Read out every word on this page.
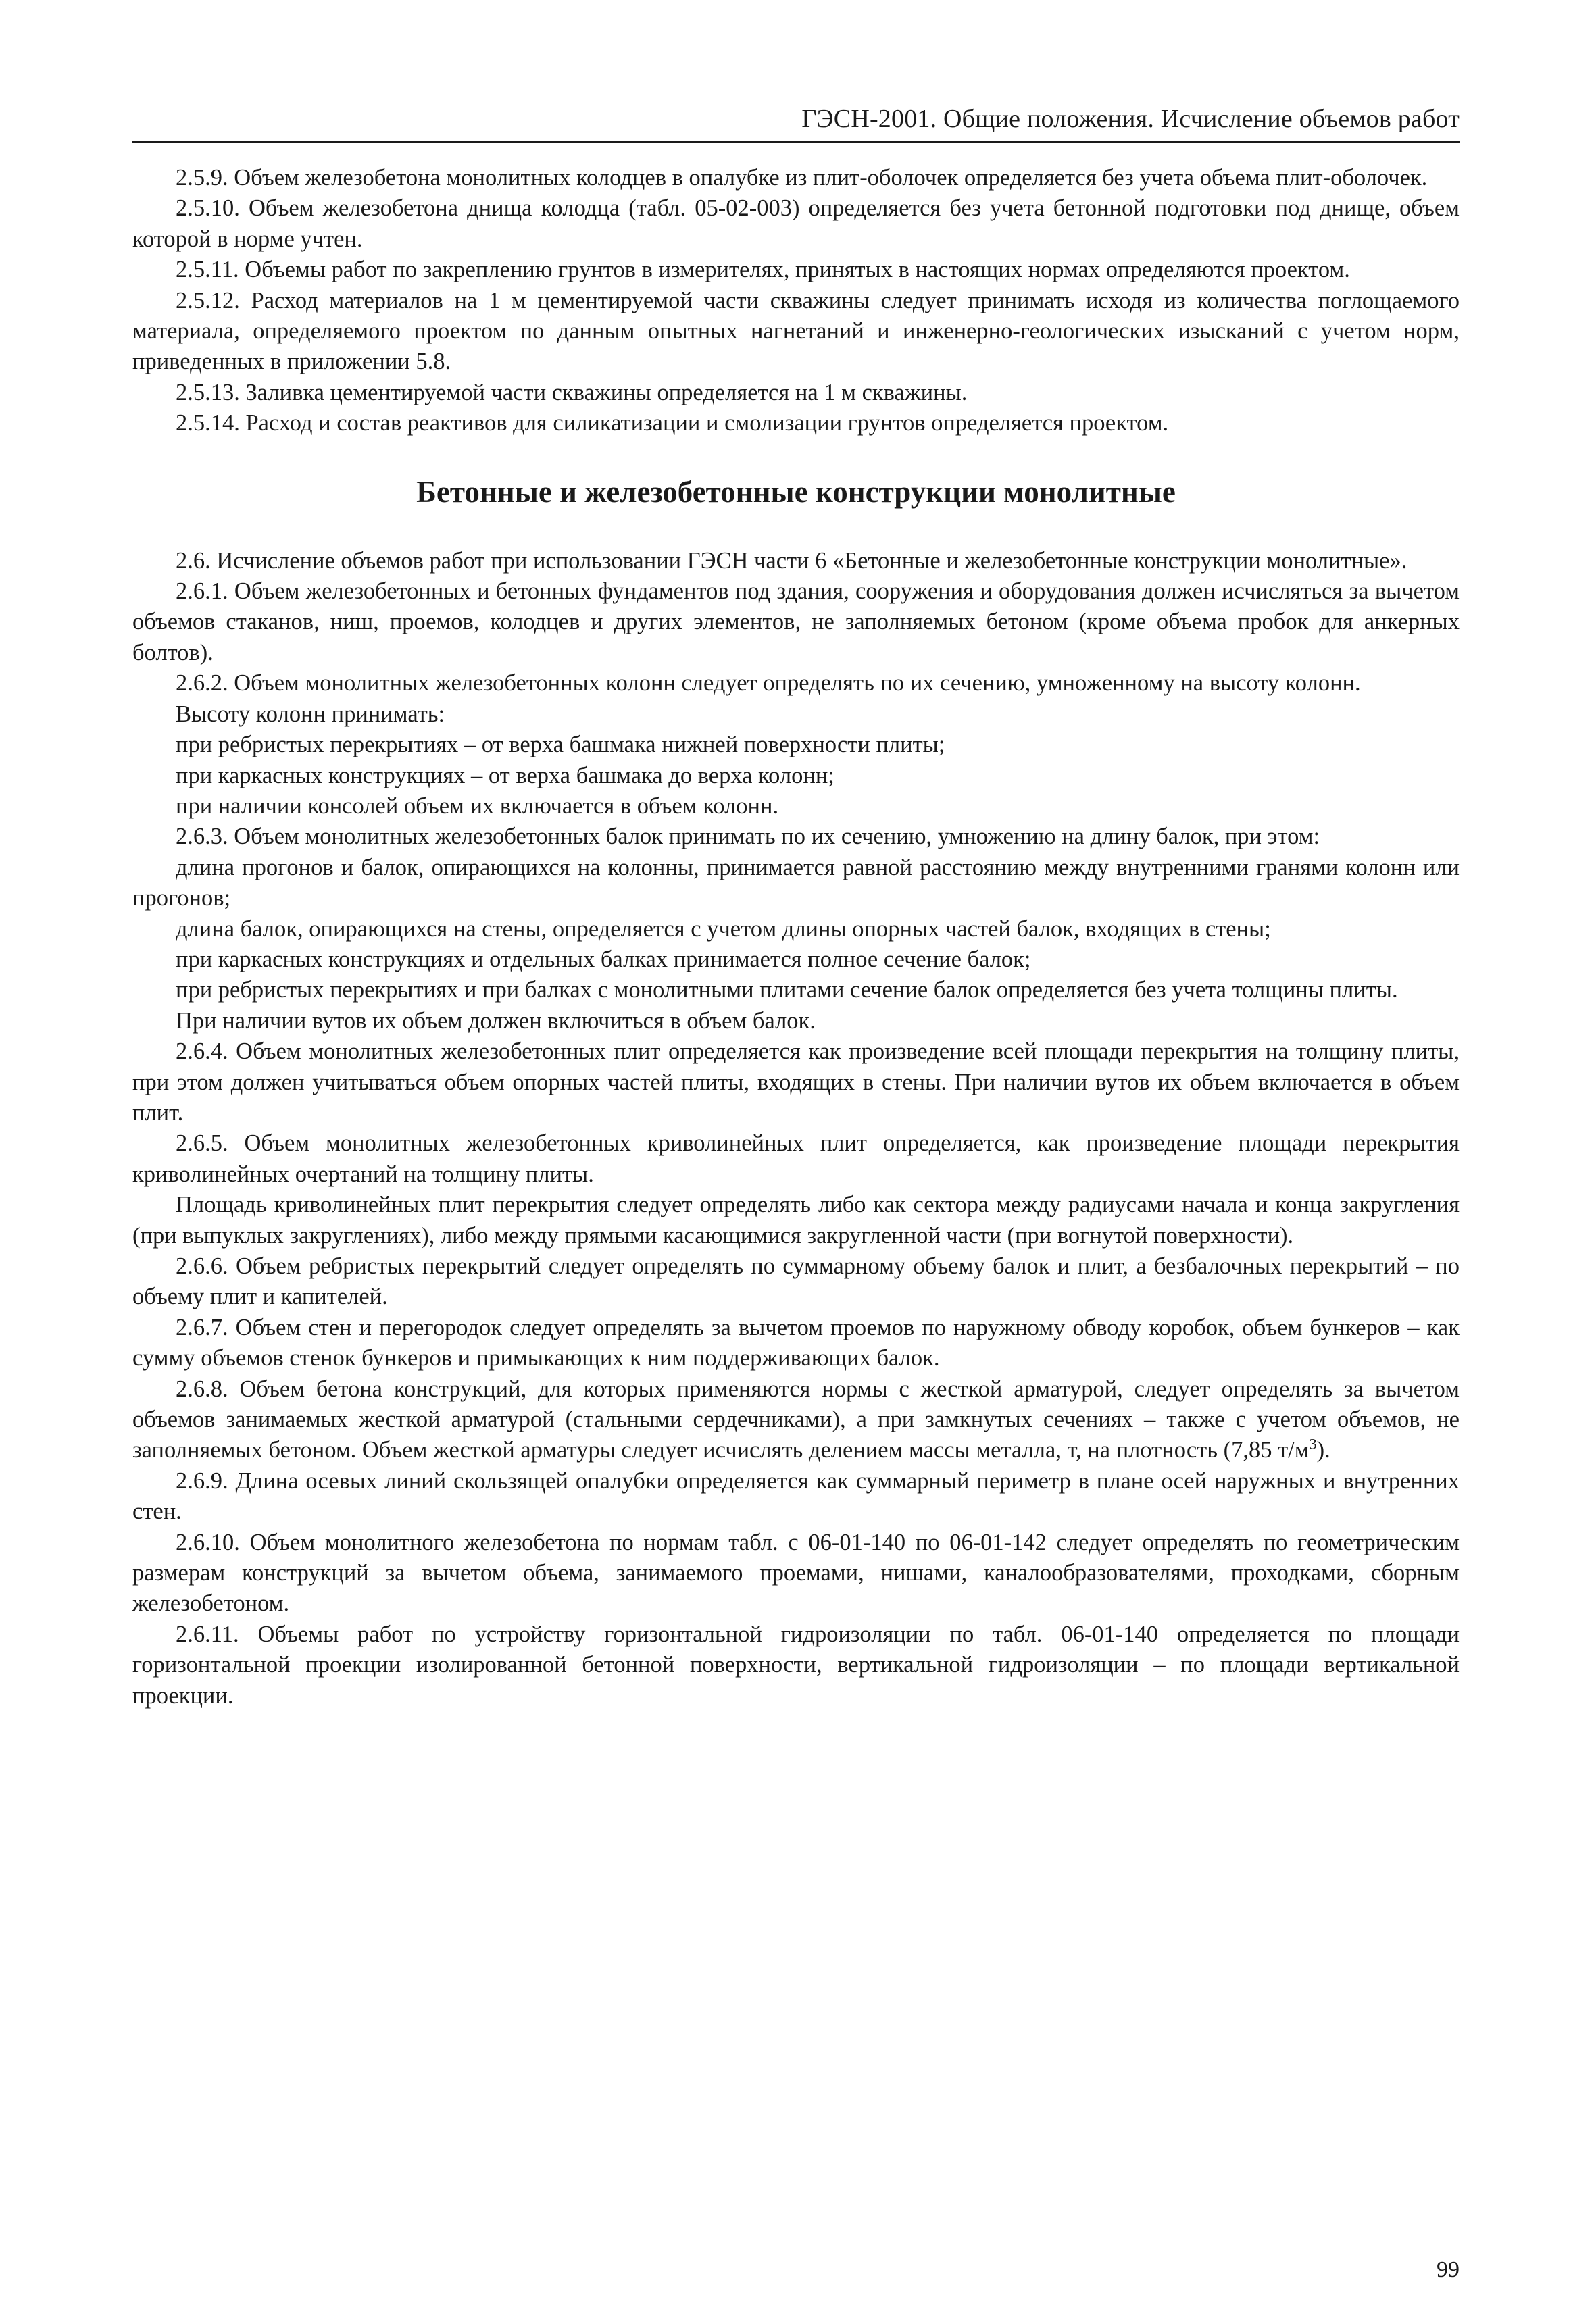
ГЭСН-2001. Общие положения. Исчисление объемов работ

2.5.9. Объем железобетона монолитных колодцев в опалубке из плит-оболочек определяется без учета объема плит-оболочек.

2.5.10. Объем железобетона днища колодца (табл. 05-02-003) определяется без учета бетонной подготовки под днище, объем которой в норме учтен.

2.5.11. Объемы работ по закреплению грунтов в измерителях, принятых в настоящих нормах определяются проектом.

2.5.12. Расход материалов на 1 м цементируемой части скважины следует принимать исходя из количества поглощаемого материала, определяемого проектом по данным опытных нагнетаний и инженерно-геологических изысканий с учетом норм, приведенных в приложении 5.8.

2.5.13. Заливка цементируемой части скважины определяется на 1 м скважины.

2.5.14. Расход и состав реактивов для силикатизации и смолизации грунтов определяется проектом.

Бетонные и железобетонные конструкции монолитные

2.6. Исчисление объемов работ при использовании ГЭСН части 6 «Бетонные и железобетонные конструкции монолитные».

2.6.1. Объем железобетонных и бетонных фундаментов под здания, сооружения и оборудования должен исчисляться за вычетом объемов стаканов, ниш, проемов, колодцев и других элементов, не заполняемых бетоном (кроме объема пробок для анкерных болтов).

2.6.2. Объем монолитных железобетонных колонн следует определять по их сечению, умноженному на высоту колонн.

Высоту колонн принимать:

при ребристых перекрытиях – от верха башмака нижней поверхности плиты;

при каркасных конструкциях – от верха башмака до верха колонн;

при наличии консолей объем их включается в объем колонн.

2.6.3. Объем монолитных железобетонных балок принимать по их сечению, умножению на длину балок, при этом:

длина прогонов и балок, опирающихся на колонны, принимается равной расстоянию между внутренними гранями колонн или прогонов;

длина балок, опирающихся на стены, определяется с учетом длины опорных частей балок, входящих в стены;

при каркасных конструкциях и отдельных балках принимается полное сечение балок;

при ребристых перекрытиях и при балках с монолитными плитами сечение балок определяется без учета толщины плиты.

При наличии вутов их объем должен включиться в объем балок.

2.6.4. Объем монолитных железобетонных плит определяется как произведение всей площади перекрытия на толщину плиты, при этом должен учитываться объем опорных частей плиты, входящих в стены. При наличии вутов их объем включается в объем плит.

2.6.5. Объем монолитных железобетонных криволинейных плит определяется, как произведение площади перекрытия криволинейных очертаний на толщину плиты.

Площадь криволинейных плит перекрытия следует определять либо как сектора между радиусами начала и конца закругления (при выпуклых закруглениях), либо между прямыми касающимися закругленной части (при вогнутой поверхности).

2.6.6. Объем ребристых перекрытий следует определять по суммарному объему балок и плит, а безбалочных перекрытий – по объему плит и капителей.

2.6.7. Объем стен и перегородок следует определять за вычетом проемов по наружному обводу коробок, объем бункеров – как сумму объемов стенок бункеров и примыкающих к ним поддерживающих балок.

2.6.8. Объем бетона конструкций, для которых применяются нормы с жесткой арматурой, следует определять за вычетом объемов занимаемых жесткой арматурой (стальными сердечниками), а при замкнутых сечениях – также с учетом объемов, не заполняемых бетоном. Объем жесткой арматуры следует исчислять делением массы металла, т, на плотность (7,85 $т/м^3$).

2.6.9. Длина осевых линий скользящей опалубки определяется как суммарный периметр в плане осей наружных и внутренних стен.

2.6.10. Объем монолитного железобетона по нормам табл. с 06-01-140 по 06-01-142 следует определять по геометрическим размерам конструкций за вычетом объема, занимаемого проемами, нишами, каналообразователями, проходками, сборным железобетоном.

2.6.11. Объемы работ по устройству горизонтальной гидроизоляции по табл. 06-01-140 определяется по площади горизонтальной проекции изолированной бетонной поверхности, вертикальной гидроизоляции – по площади вертикальной проекции.

99
